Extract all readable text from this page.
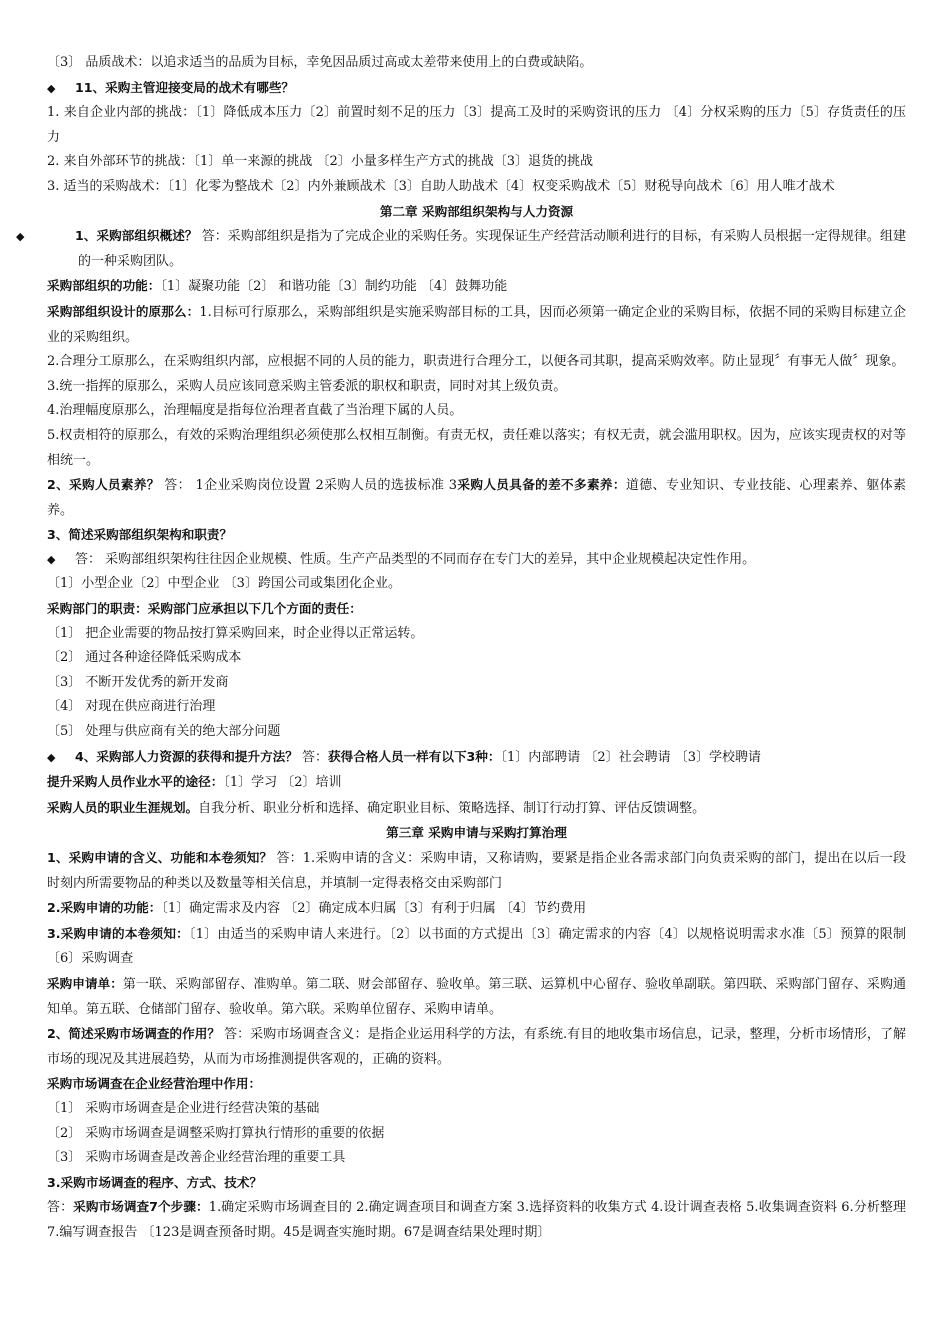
〔3〕 品质战术：以追求适当的品质为目标，幸免因品质过高或太差带来使用上的白费或缺陷。

◆ 11、采购主管迎接变局的战术有哪些？

1. 来自企业内部的挑战：〔1〕降低成本压力〔2〕前置时刻不足的压力〔3〕提高工及时的采购资讯的压力 〔4〕分权采购的压力〔5〕存货责任的压力

2. 来自外部环节的挑战：〔1〕单一来源的挑战 〔2〕小量多样生产方式的挑战〔3〕退货的挑战

3. 适当的采购战术：〔1〕化零为整战术〔2〕内外兼顾战术〔3〕自助人助战术〔4〕权变采购战术〔5〕财税导向战术〔6〕用人唯才战术

第二章 采购部组织架构与人力资源

◆	1、采购部组织概述？ 答：采购部组织是指为了完成企业的采购任务。实现保证生产经营活动顺利进行的目标，有采购人员根据一定得规律。组建的一种采购团队。

采购部组织的功能：〔1〕凝聚功能〔2〕 和谐功能〔3〕制约功能 〔4〕鼓舞功能

采购部组织设计的原那么：1.目标可行原那么，采购部组织是实施采购部目标的工具，因而必须第一确定企业的采购目标，依据不同的采购目标建立企业的采购组织。

2.合理分工原那么，在采购组织内部，应根据不同的人员的能力，职责进行合理分工，以便各司其职，提高采购效率。防止显现〞有事无人做〞现象。

3.统一指挥的原那么，采购人员应该同意采购主管委派的职权和职责，同时对其上级负责。

4.治理幅度原那么，治理幅度是指每位治理者直截了当治理下属的人员。

5.权责相符的原那么，有效的采购治理组织必须使那么权相互制衡。有责无权，责任难以落实；有权无责，就会滥用职权。因为，应该实现责权的对等相统一。

2、采购人员素养？ 答： 1企业采购岗位设置 2采购人员的选拔标准 3采购人员具备的差不多素养：道德、专业知识、专业技能、心理素养、躯体素养。

3、简述采购部组织架构和职责？

◆ 答： 采购部组织架构往往因企业规模、性质。生产产品类型的不同而存在专门大的差异，其中企业规模起决定性作用。

〔1〕小型企业〔2〕中型企业 〔3〕跨国公司或集团化企业。

采购部门的职责：采购部门应承担以下几个方面的责任：

〔1〕 把企业需要的物品按打算采购回来，时企业得以正常运转。

〔2〕 通过各种途径降低采购成本

〔3〕 不断开发优秀的新开发商

〔4〕 对现在供应商进行治理

〔5〕 处理与供应商有关的绝大部分问题

◆ 4、采购部人力资源的获得和提升方法？ 答：获得合格人员一样有以下3种：〔1〕内部聘请 〔2〕社会聘请 〔3〕学校聘请

提升采购人员作业水平的途径：〔1〕学习 〔2〕培训

采购人员的职业生涯规划。自我分析、职业分析和选择、确定职业目标、策略选择、制订行动打算、评估反馈调整。

第三章 采购申请与采购打算治理

1、采购申请的含义、功能和本卷须知？ 答：1.采购申请的含义：采购申请，又称请购，要紧是指企业各需求部门向负责采购的部门，提出在以后一段时刻内所需要物品的种类以及数量等相关信息，并填制一定得表格交由采购部门

2.采购申请的功能：〔1〕确定需求及内容 〔2〕确定成本归属〔3〕有利于归属 〔4〕节约费用

3.采购申请的本卷须知：〔1〕由适当的采购申请人来进行。〔2〕以书面的方式提出〔3〕确定需求的内容〔4〕以规格说明需求水准〔5〕预算的限制 〔6〕采购调查

采购申请单：第一联、采购部留存、准购单。第二联、财会部留存、验收单。第三联、运算机中心留存、验收单副联。第四联、采购部门留存、采购通知单。第五联、仓储部门留存、验收单。第六联。采购单位留存、采购申请单。

2、简述采购市场调查的作用？ 答：采购市场调查含义：是指企业运用科学的方法，有系统.有目的地收集市场信息，记录，整理，分析市场情形，了解市场的现况及其进展趋势，从而为市场推测提供客观的，正确的资料。

采购市场调查在企业经营治理中作用：

〔1〕 采购市场调查是企业进行经营决策的基础

〔2〕 采购市场调查是调整采购打算执行情形的重要的依据

〔3〕 采购市场调查是改善企业经营治理的重要工具

3.采购市场调查的程序、方式、技术？

答：采购市场调查7个步骤：1.确定采购市场调查目的 2.确定调查项目和调查方案 3.选择资料的收集方式 4.设计调查表格 5.收集调查资料 6.分析整理 7.编写调查报告 〔123是调查预备时期。45是调查实施时期。67是调查结果处理时期〕
